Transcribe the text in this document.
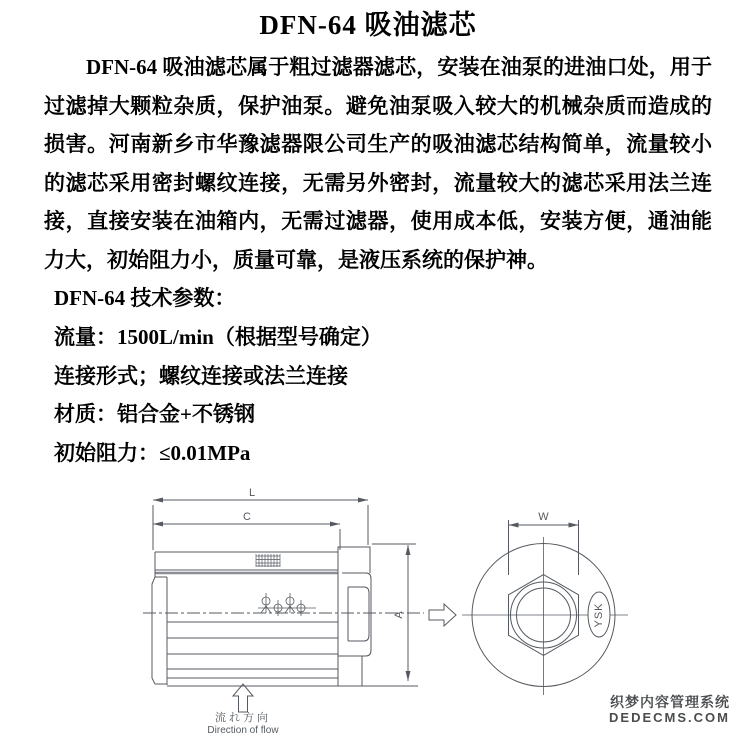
DFN-64 吸油滤芯

DFN-64 吸油滤芯属于粗过滤器滤芯，安装在油泵的进油口处，用于过滤掉大颗粒杂质，保护油泵。避免油泵吸入较大的机械杂质而造成的损害。河南新乡市华豫滤器限公司生产的吸油滤芯结构简单，流量较小的滤芯采用密封螺纹连接，无需另外密封，流量较大的滤芯采用法兰连接，直接安装在油箱内，无需过滤器，使用成本低，安装方便，通油能力大，初始阻力小，质量可靠，是液压系统的保护神。

DFN-64 技术参数：

流量：1500L/min（根据型号确定）

连接形式；螺纹连接或法兰连接

材质：铝合金+不锈钢

初始阻力：≤0.01MPa

L
C
A
W
YSK
流れ方向
Direction of flow
织梦内容管理系统
DEDECMS.COM
